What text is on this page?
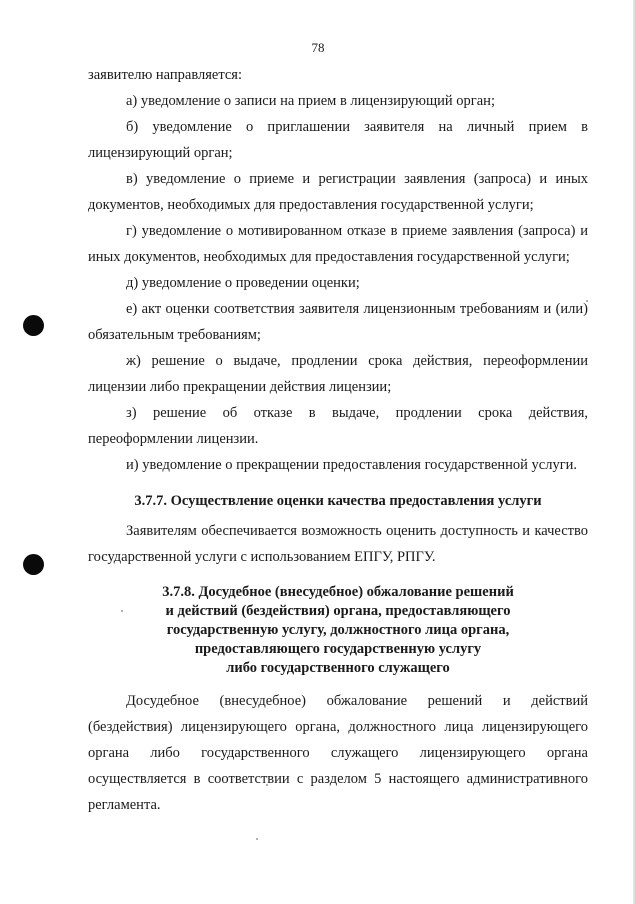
78

заявителю направляется:

а) уведомление о записи на прием в лицензирующий орган;

б) уведомление о приглашении заявителя на личный прием в лицензирующий орган;

в) уведомление о приеме и регистрации заявления (запроса) и иных документов, необходимых для предоставления государственной услуги;

г) уведомление о мотивированном отказе в приеме заявления (запроса) и иных документов, необходимых для предоставления государственной услуги;

д) уведомление о проведении оценки;

е) акт оценки соответствия заявителя лицензионным требованиям и (или) обязательным требованиям;

ж) решение о выдаче, продлении срока действия, переоформлении лицензии либо прекращении действия лицензии;

з) решение об отказе в выдаче, продлении срока действия, переоформлении лицензии.

и) уведомление о прекращении предоставления государственной услуги.

3.7.7. Осуществление оценки качества предоставления услуги

Заявителям обеспечивается возможность оценить доступность и качество государственной услуги с использованием ЕПГУ, РПГУ.

3.7.8. Досудебное (внесудебное) обжалование решений
и действий (бездействия) органа, предоставляющего
государственную услугу, должностного лица органа,
предоставляющего государственную услугу
либо государственного служащего

Досудебное (внесудебное) обжалование решений и действий (бездействия) лицензирующего органа, должностного лица лицензирующего органа либо государственного служащего лицензирующего органа осуществляется в соответствии с разделом 5 настоящего административного регламента.
